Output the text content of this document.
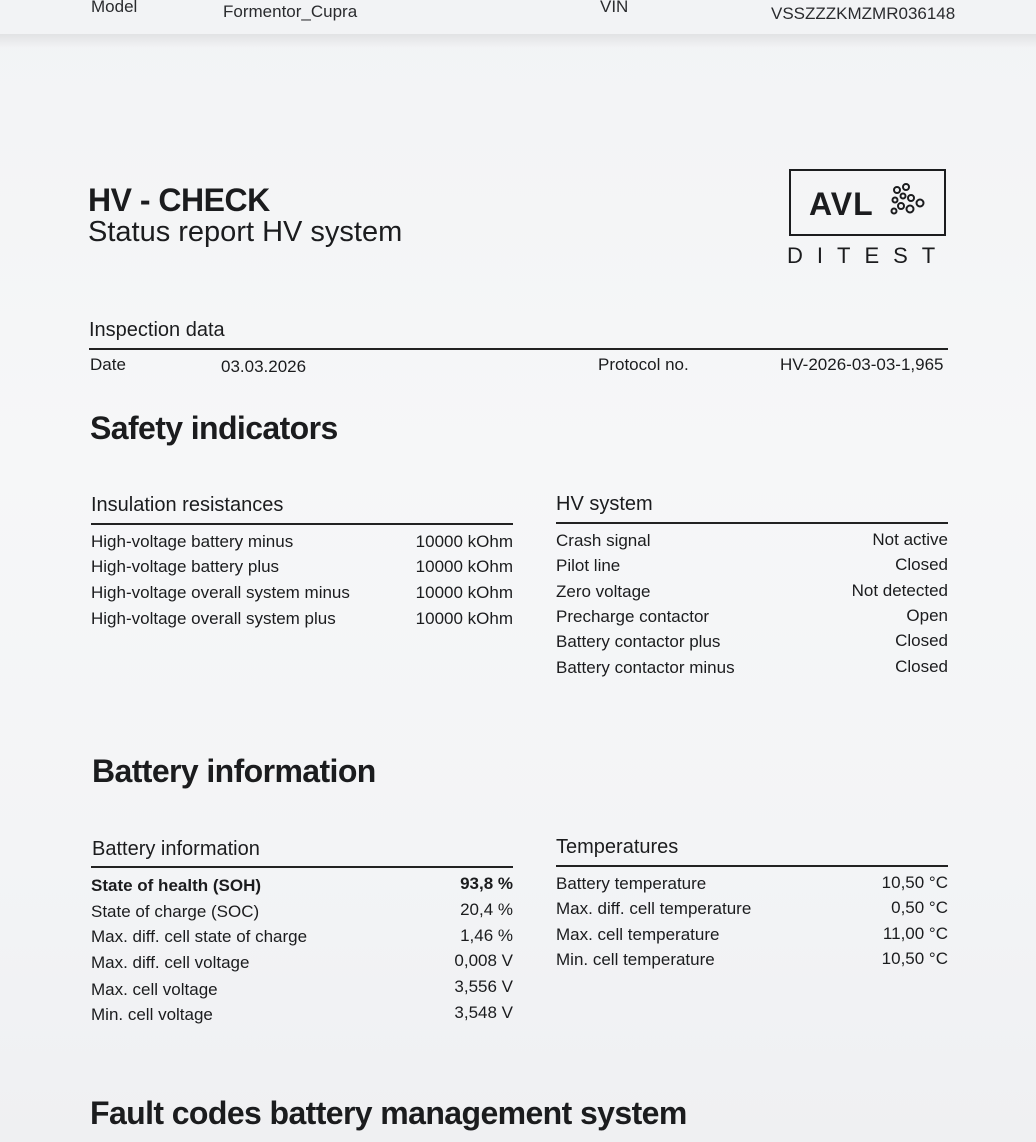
Model	Formentor_Cupra	VIN	VSSZZZKMZMR036148
HV - CHECK
Status report HV system
AVL
DITEST
Inspection data
Date	03.03.2026	Protocol no.	HV-2026-03-03-1,965
Safety indicators
Insulation resistances
High-voltage battery minus	10000 kOhm
High-voltage battery plus	10000 kOhm
High-voltage overall system minus	10000 kOhm
High-voltage overall system plus	10000 kOhm
HV system
Crash signal	Not active
Pilot line	Closed
Zero voltage	Not detected
Precharge contactor	Open
Battery contactor plus	Closed
Battery contactor minus	Closed
Battery information
Battery information
State of health (SOH)	93,8 %
State of charge (SOC)	20,4 %
Max. diff. cell state of charge	1,46 %
Max. diff. cell voltage	0,008 V
Max. cell voltage	3,556 V
Min. cell voltage	3,548 V
Temperatures
Battery temperature	10,50 °C
Max. diff. cell temperature	0,50 °C
Max. cell temperature	11,00 °C
Min. cell temperature	10,50 °C
Fault codes battery management system
